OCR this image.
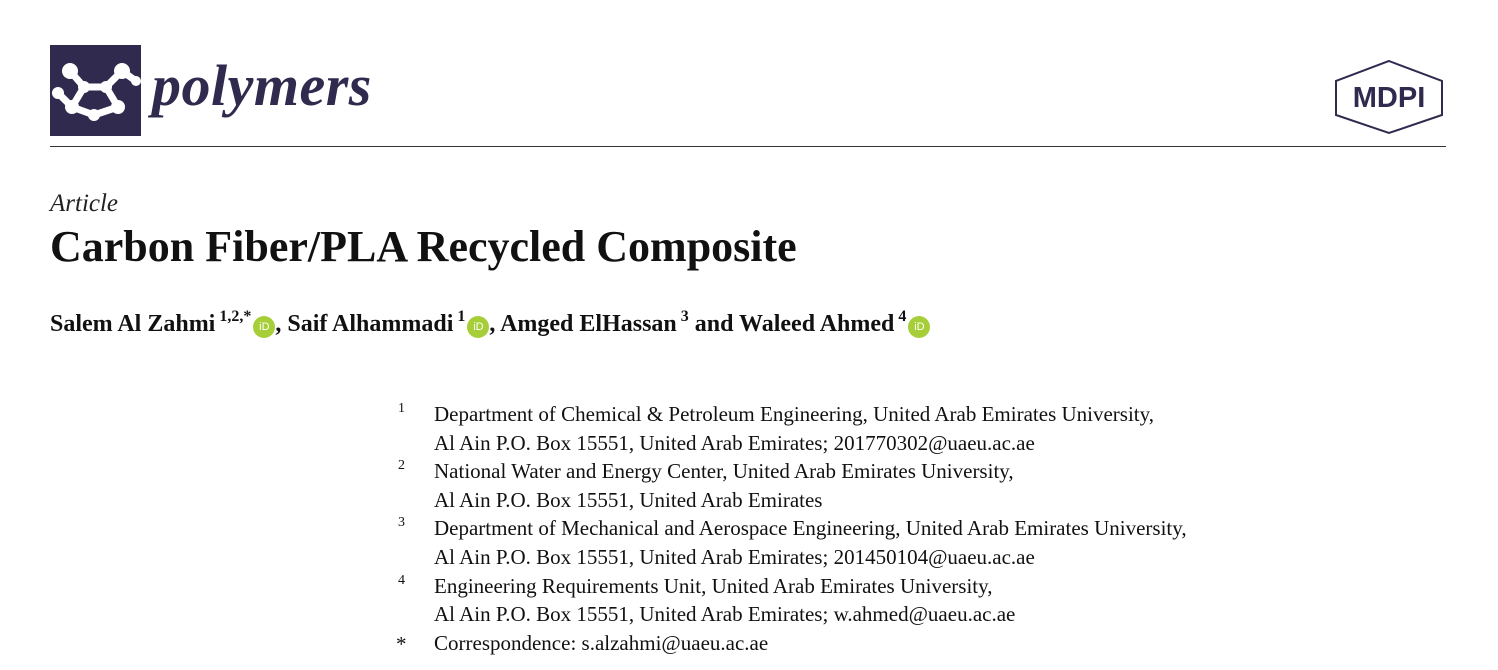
polymers	MDPI
Article
Carbon Fiber/PLA Recycled Composite
Salem Al Zahmi $^{1,2,*}$iD , Saif Alhammadi $^1$iD , Amged ElHassan $^3$ and Waleed Ahmed $^4$iD
1 Department of Chemical & Petroleum Engineering, United Arab Emirates University,
Al Ain P.O. Box 15551, United Arab Emirates; 201770302@uaeu.ac.ae
2 National Water and Energy Center, United Arab Emirates University,
Al Ain P.O. Box 15551, United Arab Emirates
3 Department of Mechanical and Aerospace Engineering, United Arab Emirates University,
Al Ain P.O. Box 15551, United Arab Emirates; 201450104@uaeu.ac.ae
4 Engineering Requirements Unit, United Arab Emirates University,
Al Ain P.O. Box 15551, United Arab Emirates; w.ahmed@uaeu.ac.ae
* Correspondence: s.alzahmi@uaeu.ac.ae
